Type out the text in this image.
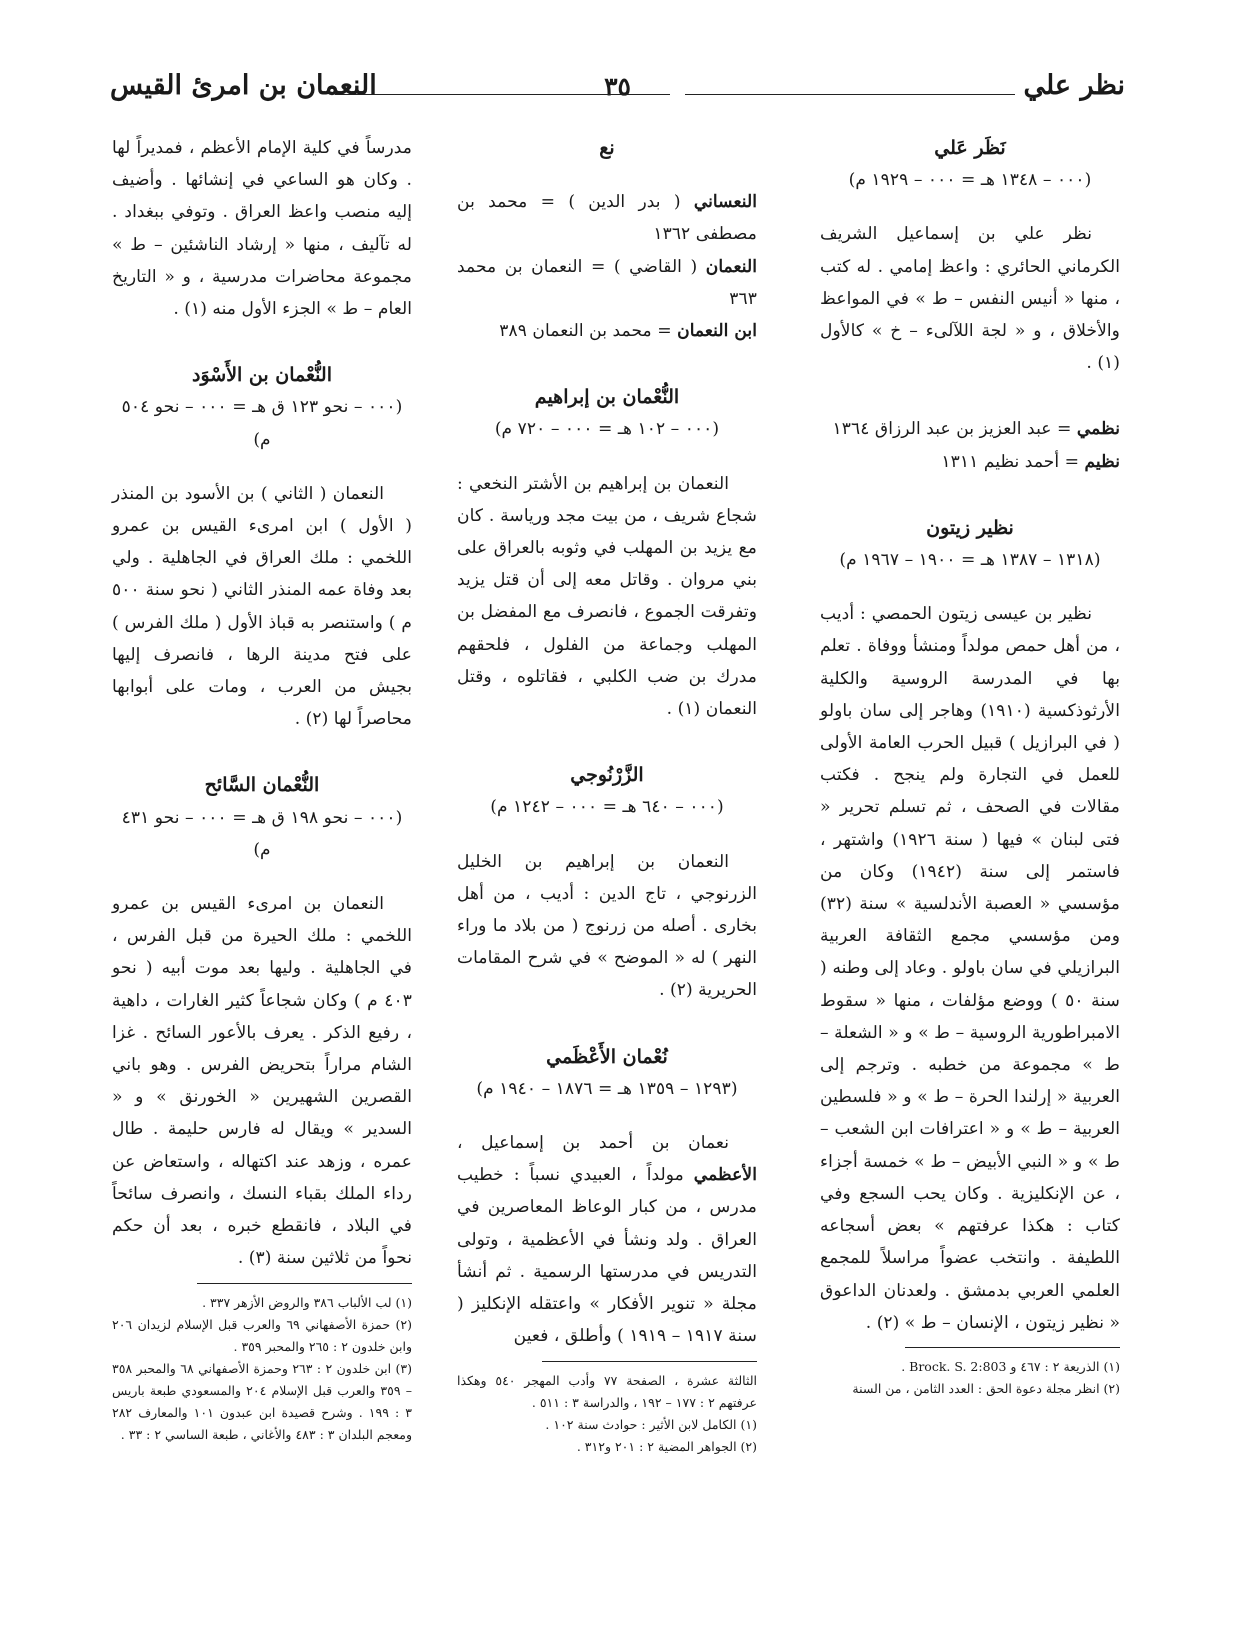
نظر علي
٣٥
النعمان بن امرئ القيس

نَظَر عَلي

(٠٠٠ – ١٣٤٨ هـ = ٠٠٠ – ١٩٢٩ م)

نظر علي بن إسماعيل الشريف الكرماني الحائري : واعظ إمامي . له كتب ، منها « أنيس النفس – ط » في المواعظ والأخلاق ، و « لجة اللآلىء – خ » كالأول (١) .

نظمي = عبد العزيز بن عبد الرزاق ١٣٦٤

نظيم = أحمد نظيم ١٣١١

نظير زيتون

(١٣١٨ – ١٣٨٧ هـ = ١٩٠٠ – ١٩٦٧ م)

نظير بن عيسى زيتون الحمصي : أديب ، من أهل حمص مولداً ومنشأ ووفاة . تعلم بها في المدرسة الروسية والكلية الأرثوذكسية (١٩١٠) وهاجر إلى سان باولو ( في البرازيل ) قبيل الحرب العامة الأولى للعمل في التجارة ولم ينجح . فكتب مقالات في الصحف ، ثم تسلم تحرير « فتى لبنان » فيها ( سنة ١٩٢٦) واشتهر ، فاستمر إلى سنة (١٩٤٢) وكان من مؤسسي « العصبة الأندلسية » سنة (٣٢) ومن مؤسسي مجمع الثقافة العربية البرازيلي في سان باولو . وعاد إلى وطنه ( سنة ٥٠ ) ووضع مؤلفات ، منها « سقوط الامبراطورية الروسية – ط » و « الشعلة – ط » مجموعة من خطبه . وترجم إلى العربية « إرلندا الحرة – ط » و « فلسطين العربية – ط » و « اعترافات ابن الشعب – ط » و « النبي الأبيض – ط » خمسة أجزاء ، عن الإنكليزية . وكان يحب السجع وفي كتاب : هكذا عرفتهم » بعض أسجاعه اللطيفة . وانتخب عضواً مراسلاً للمجمع العلمي العربي بدمشق . ولعدنان الداعوق « نظير زيتون ، الإنسان – ط » (٢) .

(١) الذريعة ٢ : ٤٦٧ و Brock. S. 2:803 .

(٢) انظر مجلة دعوة الحق : العدد الثامن ، من السنة

نع

النعساني ( بدر الدين ) = محمد بن مصطفى ١٣٦٢

النعمان ( القاضي ) = النعمان بن محمد ٣٦٣

ابن النعمان = محمد بن النعمان ٣٨٩

النُّعْمان بن إبراهيم

(٠٠٠ – ١٠٢ هـ = ٠٠٠ – ٧٢٠ م)

النعمان بن إبراهيم بن الأشتر النخعي : شجاع شريف ، من بيت مجد ورياسة . كان مع يزيد بن المهلب في وثوبه بالعراق على بني مروان . وقاتل معه إلى أن قتل يزيد وتفرقت الجموع ، فانصرف مع المفضل بن المهلب وجماعة من الفلول ، فلحقهم مدرك بن ضب الكلبي ، فقاتلوه ، وقتل النعمان (١) .

الزَّرْنُوجي

(٠٠٠ – ٦٤٠ هـ = ٠٠٠ – ١٢٤٢ م)

النعمان بن إبراهيم بن الخليل الزرنوجي ، تاج الدين : أديب ، من أهل بخارى . أصله من زرنوج ( من بلاد ما وراء النهر ) له « الموضح » في شرح المقامات الحريرية (٢) .

نُعْمان الأَعْظَمي

(١٢٩٣ – ١٣٥٩ هـ = ١٨٧٦ – ١٩٤٠ م)

نعمان بن أحمد بن إسماعيل ، الأعظمي مولداً ، العبيدي نسباً : خطيب مدرس ، من كبار الوعاظ المعاصرين في العراق . ولد ونشأ في الأعظمية ، وتولى التدريس في مدرستها الرسمية . ثم أنشأ مجلة « تنوير الأفكار » واعتقله الإنكليز ( سنة ١٩١٧ – ١٩١٩ ) وأطلق ، فعين

الثالثة عشرة ، الصفحة ٧٧ وأدب المهجر ٥٤٠ وهكذا عرفتهم ٢ : ١٧٧ – ١٩٢ ، والدراسة ٣ : ٥١١ .

(١) الكامل لابن الأثير : حوادث سنة ١٠٢ .

(٢) الجواهر المضية ٢ : ٢٠١ و٣١٢ .

مدرساً في كلية الإمام الأعظم ، فمديراً لها . وكان هو الساعي في إنشائها . وأضيف إليه منصب واعظ العراق . وتوفي ببغداد . له تآليف ، منها « إرشاد الناشئين – ط » مجموعة محاضرات مدرسية ، و « التاريخ العام – ط » الجزء الأول منه (١) .

النُّعْمان بن الأَسْوَد

(٠٠٠ – نحو ١٢٣ ق هـ = ٠٠٠ – نحو ٥٠٤ م)

النعمان ( الثاني ) بن الأسود بن المنذر ( الأول ) ابن امرىء القيس بن عمرو اللخمي : ملك العراق في الجاهلية . ولي بعد وفاة عمه المنذر الثاني ( نحو سنة ٥٠٠ م ) واستنصر به قباذ الأول ( ملك الفرس ) على فتح مدينة الرها ، فانصرف إليها بجيش من العرب ، ومات على أبوابها محاصراً لها (٢) .

النُّعْمان السَّائح

(٠٠٠ – نحو ١٩٨ ق هـ = ٠٠٠ – نحو ٤٣١ م)

النعمان بن امرىء القيس بن عمرو اللخمي : ملك الحيرة من قبل الفرس ، في الجاهلية . وليها بعد موت أبيه ( نحو ٤٠٣ م ) وكان شجاعاً كثير الغارات ، داهية ، رفيع الذكر . يعرف بالأعور السائح . غزا الشام مراراً بتحريض الفرس . وهو باني القصرين الشهيرين « الخورنق » و « السدير » ويقال له فارس حليمة . طال عمره ، وزهد عند اكتهاله ، واستعاض عن رداء الملك بقباء النسك ، وانصرف سائحاً في البلاد ، فانقطع خبره ، بعد أن حكم نحواً من ثلاثين سنة (٣) .

(١) لب الألباب ٣٨٦ والروض الأزهر ٣٣٧ .

(٢) حمزة الأصفهاني ٦٩ والعرب قبل الإسلام لزيدان ٢٠٦ وابن خلدون ٢ : ٢٦٥ والمحبر ٣٥٩ .

(٣) ابن خلدون ٢ : ٢٦٣ وحمزة الأصفهاني ٦٨ والمحبر ٣٥٨ – ٣٥٩ والعرب قبل الإسلام ٢٠٤ والمسعودي طبعة باريس ٣ : ١٩٩ . وشرح قصيدة ابن عبدون ١٠١ والمعارف ٢٨٢ ومعجم البلدان ٣ : ٤٨٣ والأغاني ، طبعة الساسي ٢ : ٣٣ .
